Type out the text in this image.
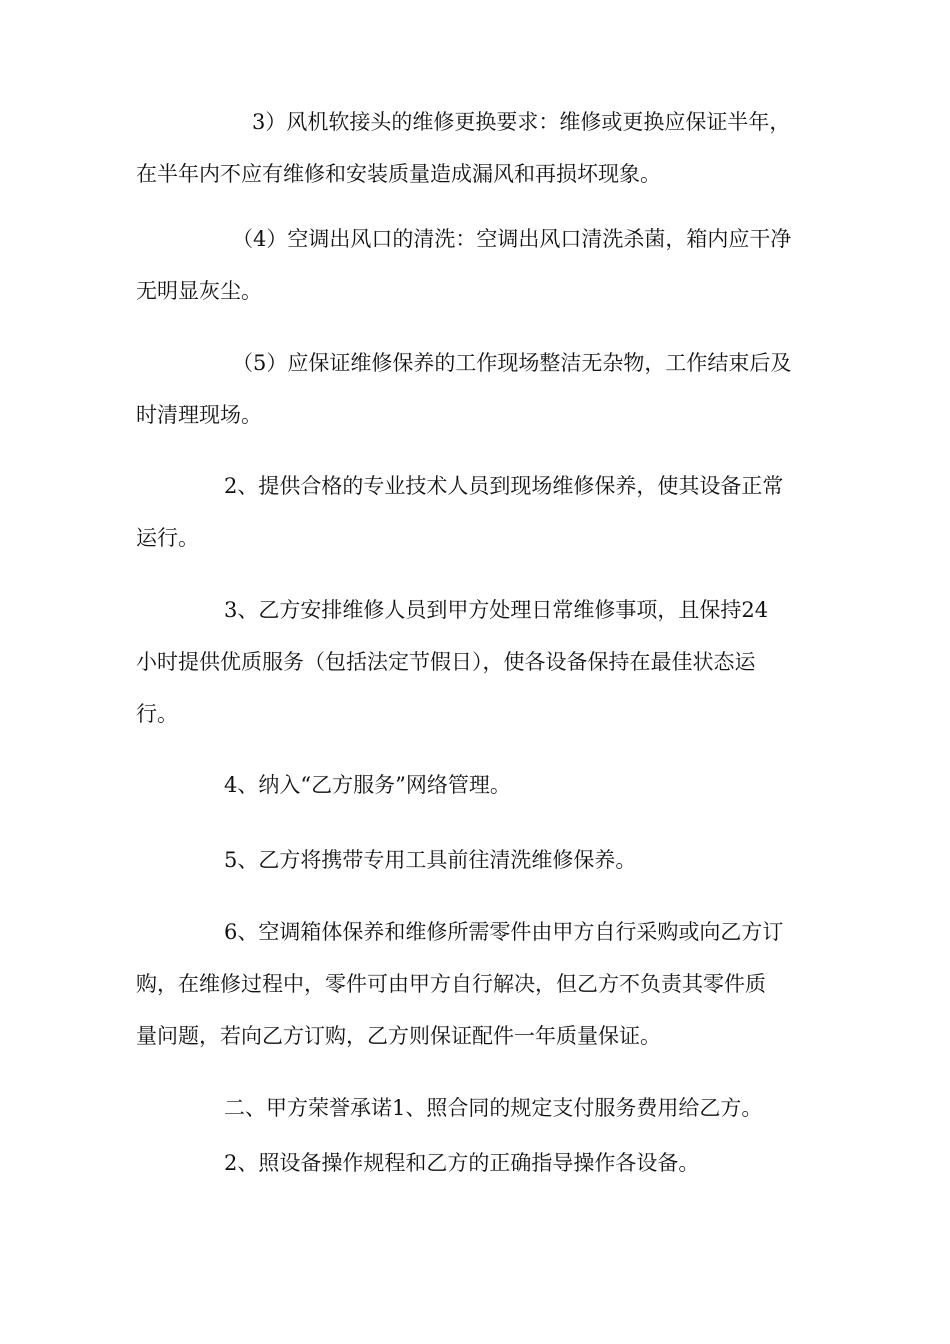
3）风机软接头的维修更换要求：维修或更换应保证半年，
在半年内不应有维修和安装质量造成漏风和再损坏现象。

（4）空调出风口的清洗：空调出风口清洗杀菌，箱内应干净
无明显灰尘。

（5）应保证维修保养的工作现场整洁无杂物，工作结束后及
时清理现场。

2、提供合格的专业技术人员到现场维修保养，使其设备正常
运行。

3、乙方安排维修人员到甲方处理日常维修事项，且保持24
小时提供优质服务（包括法定节假日），使各设备保持在最佳状态运
行。

4、纳入“乙方服务”网络管理。

5、乙方将携带专用工具前往清洗维修保养。

6、空调箱体保养和维修所需零件由甲方自行采购或向乙方订
购，在维修过程中，零件可由甲方自行解决，但乙方不负责其零件质
量问题，若向乙方订购，乙方则保证配件一年质量保证。

二、甲方荣誉承诺1、照合同的规定支付服务费用给乙方。

2、照设备操作规程和乙方的正确指导操作各设备。
